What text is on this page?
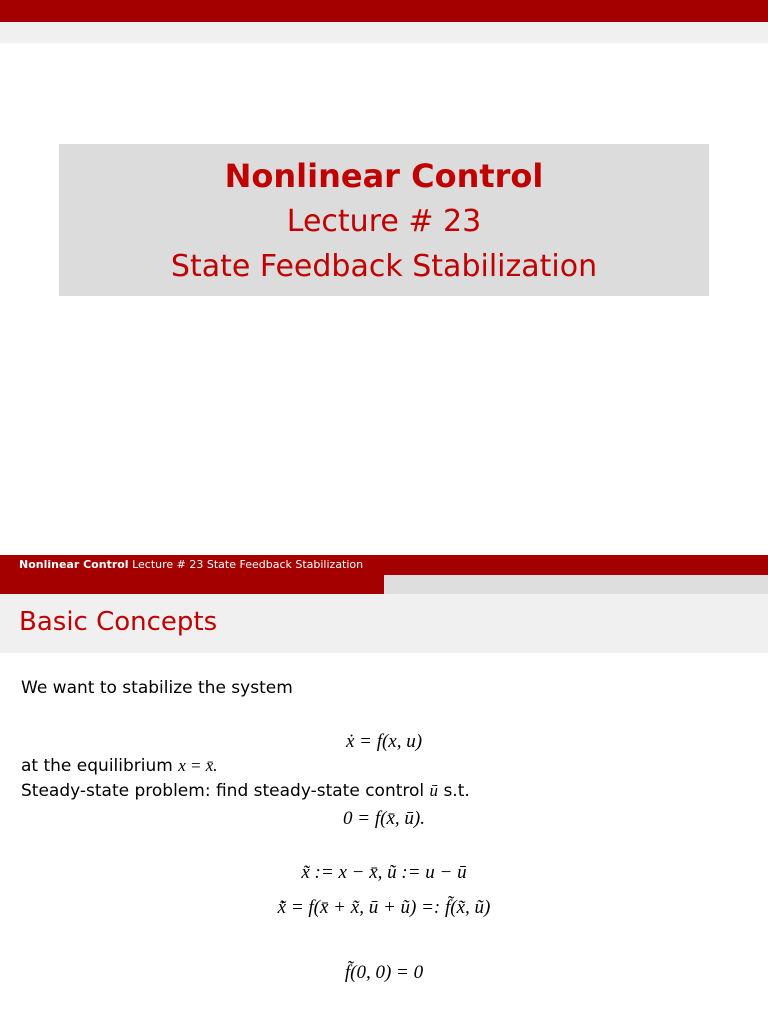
Nonlinear Control
Lecture # 23
State Feedback Stabilization
Nonlinear Control Lecture # 23 State Feedback Stabilization
Basic Concepts
We want to stabilize the system
ẋ = f(x, u)
at the equilibrium x = x̄.
Steady-state problem: find steady-state control ū s.t.
0 = f(x̄, ū).
x̃ := x − x̄, ũ := u − ū
x̃̇ = f(x̄ + x̃, ū + ũ) =: f̃(x̃, ũ)
f̃(0, 0) = 0
